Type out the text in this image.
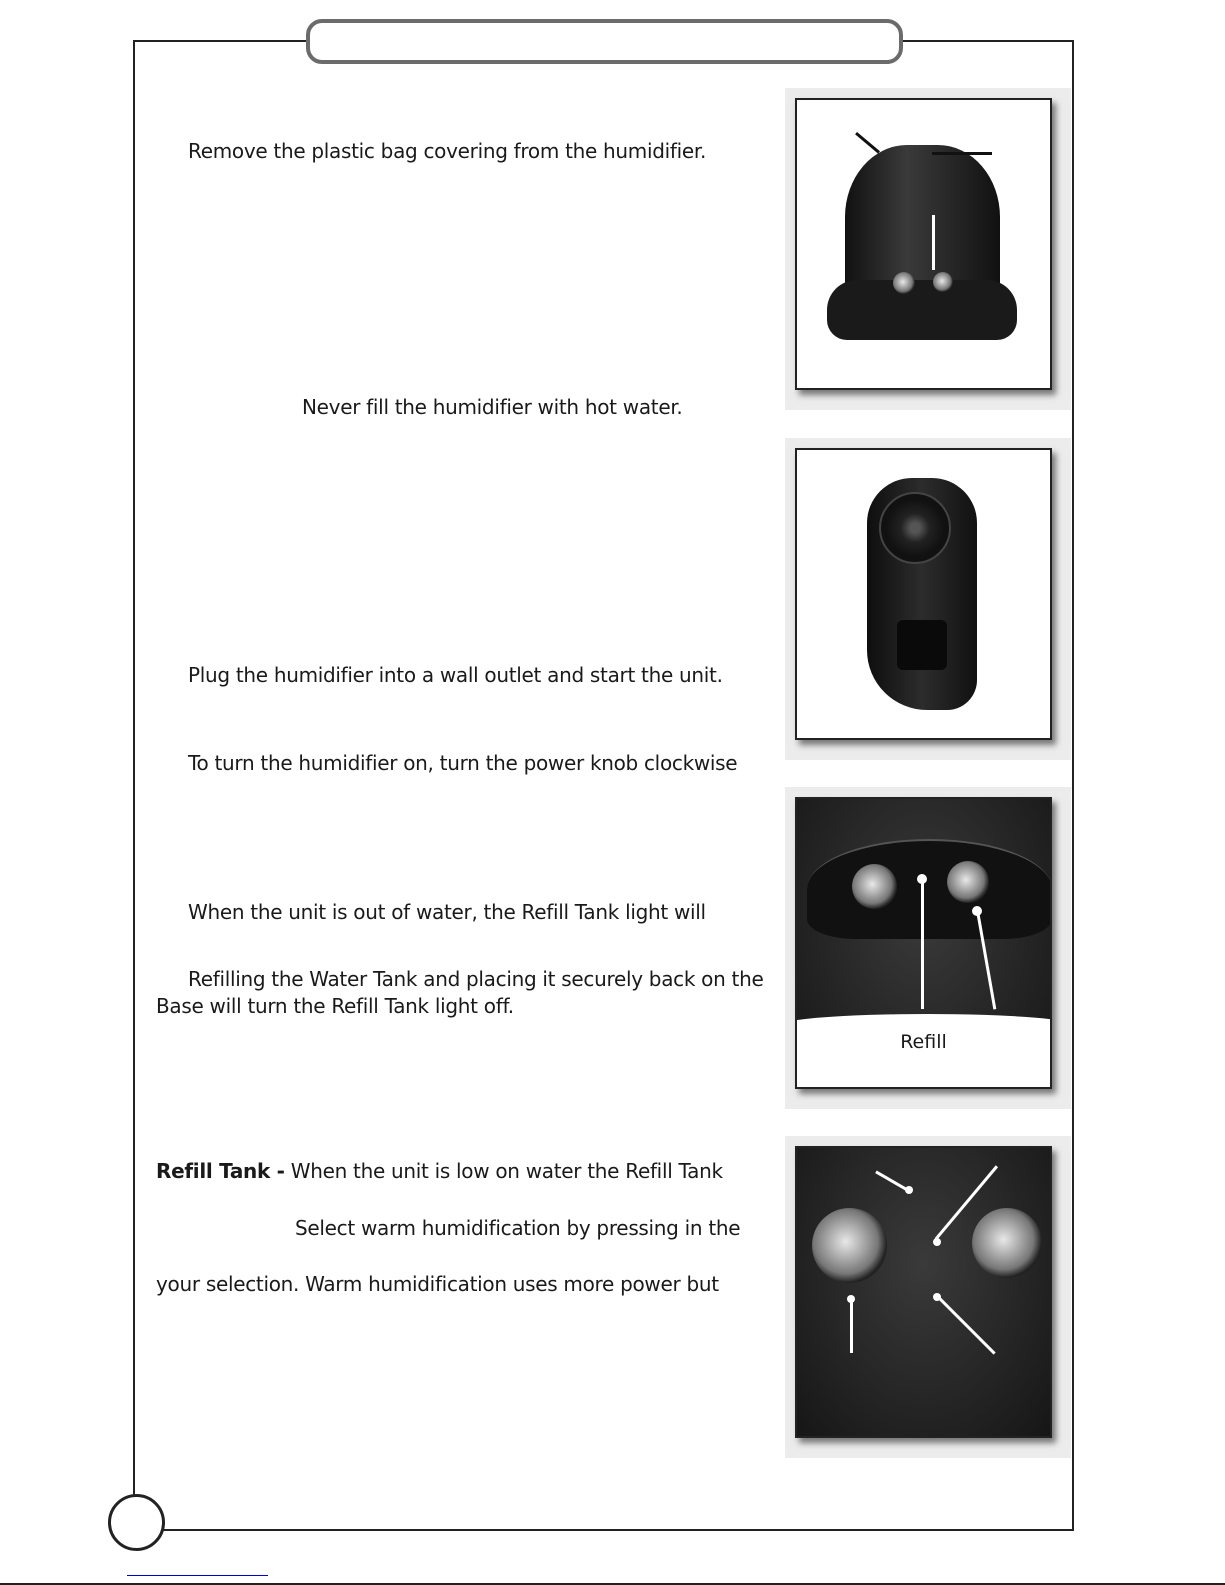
Remove the plastic bag covering from the humidifier.
Never fill the humidifier with hot water.
Plug the humidifier into a wall outlet and start the unit.
To turn the humidifier on, turn the power knob clockwise
When the unit is out of water, the Refill Tank light will
Refilling the Water Tank and placing it securely back on the
Base will turn the Refill Tank light off.
Refill Tank - When the unit is low on water the Refill Tank
Select warm humidification by pressing in the
your selection. Warm humidification uses more power but
Refill
